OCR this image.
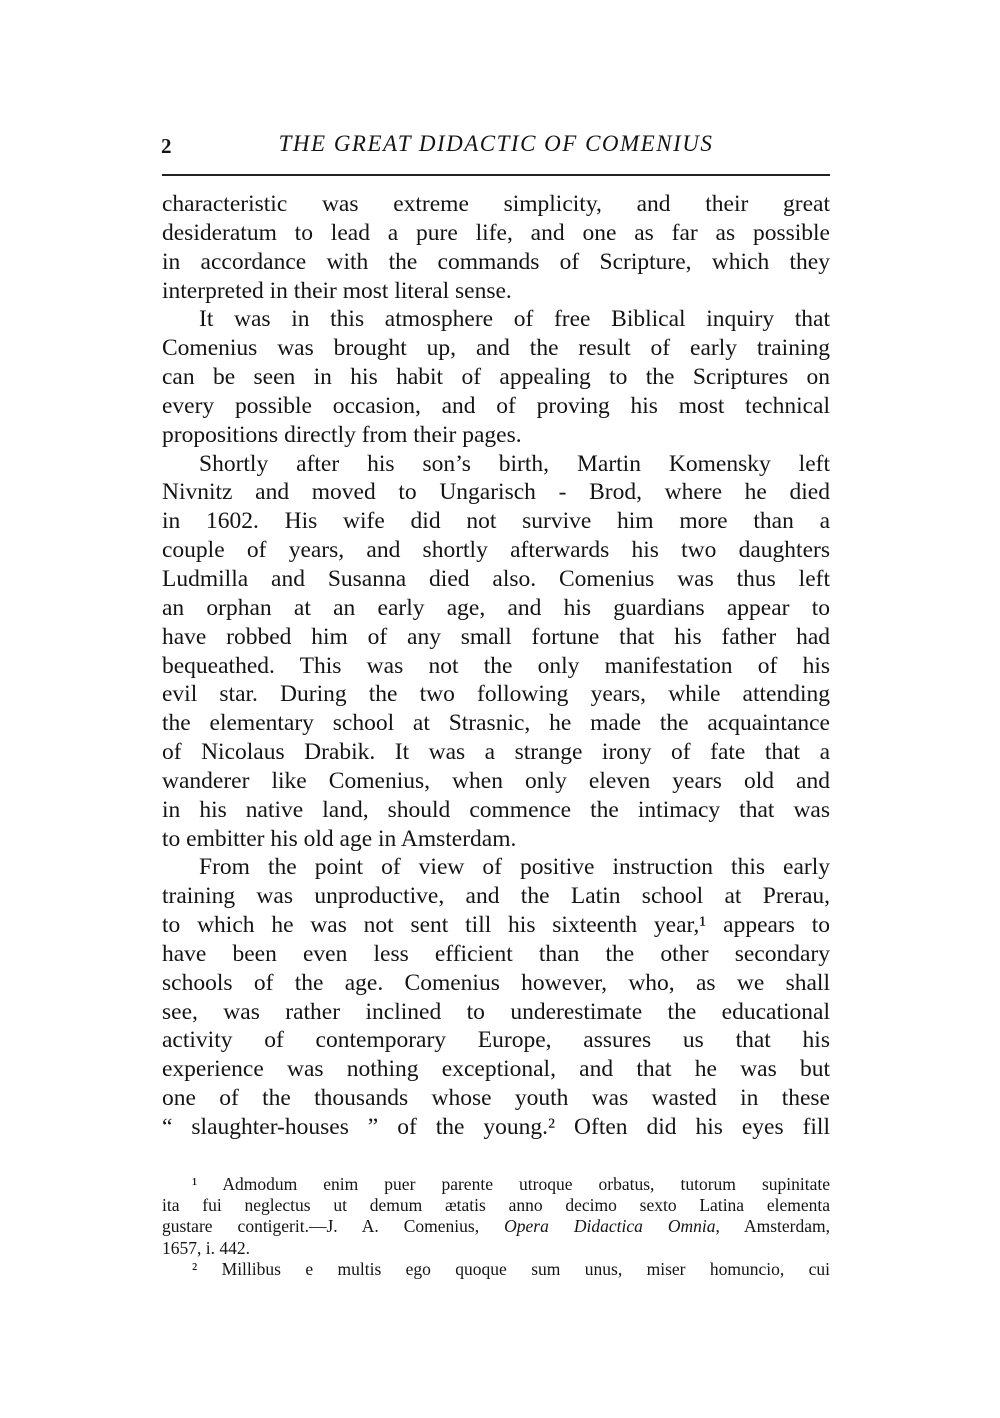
2	THE GREAT DIDACTIC OF COMENIUS
characteristic was extreme simplicity, and their great
desideratum to lead a pure life, and one as far as possible
in accordance with the commands of Scripture, which they
interpreted in their most literal sense.
It was in this atmosphere of free Biblical inquiry that
Comenius was brought up, and the result of early training
can be seen in his habit of appealing to the Scriptures on
every possible occasion, and of proving his most technical
propositions directly from their pages.
Shortly after his son’s birth, Martin Komensky left
Nivnitz and moved to Ungarisch - Brod, where he died
in 1602. His wife did not survive him more than a
couple of years, and shortly afterwards his two daughters
Ludmilla and Susanna died also. Comenius was thus left
an orphan at an early age, and his guardians appear to
have robbed him of any small fortune that his father had
bequeathed. This was not the only manifestation of his
evil star. During the two following years, while attending
the elementary school at Strasnic, he made the acquaintance
of Nicolaus Drabik. It was a strange irony of fate that a
wanderer like Comenius, when only eleven years old and
in his native land, should commence the intimacy that was
to embitter his old age in Amsterdam.
From the point of view of positive instruction this early
training was unproductive, and the Latin school at Prerau,
to which he was not sent till his sixteenth year,¹ appears to
have been even less efficient than the other secondary
schools of the age. Comenius however, who, as we shall
see, was rather inclined to underestimate the educational
activity of contemporary Europe, assures us that his
experience was nothing exceptional, and that he was but
one of the thousands whose youth was wasted in these
“ slaughter-houses ” of the young.² Often did his eyes fill
¹ Admodum enim puer parente utroque orbatus, tutorum supinitate
ita fui neglectus ut demum ætatis anno decimo sexto Latina elementa
gustare contigerit.—J. A. Comenius, Opera Didactica Omnia, Amsterdam,
1657, i. 442.
² Millibus e multis ego quoque sum unus, miser homuncio, cui
